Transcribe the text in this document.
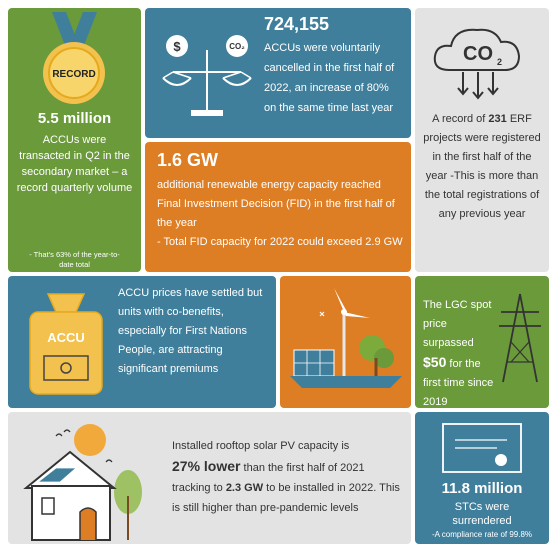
RECORD
5.5 million
ACCUs were transacted in Q2 in the secondary market – a record quarterly volume
- That's 63% of the year-to-date total
$	CO₂
724,155
ACCUs were voluntarily cancelled in the first half of 2022, an increase of 80% on the same time last year
CO 2
A record of 231 ERF projects were registered in the first half of the year -This is more than the total registrations of any previous year
1.6 GW
additional renewable energy capacity reached Final Investment Decision (FID) in the first half of the year
- Total FID capacity for 2022 could exceed 2.9 GW
ACCU
ACCU prices have settled but units with co-benefits, especially for First Nations People, are attracting significant premiums
The LGC spot price surpassed $50 for the first time since 2019
Installed rooftop solar PV capacity is
27% lower than the first half of 2021 tracking to 2.3 GW to be installed in 2022. This is still higher than pre-pandemic levels
11.8 million
STCs were surrendered
-A compliance rate of 99.8%
